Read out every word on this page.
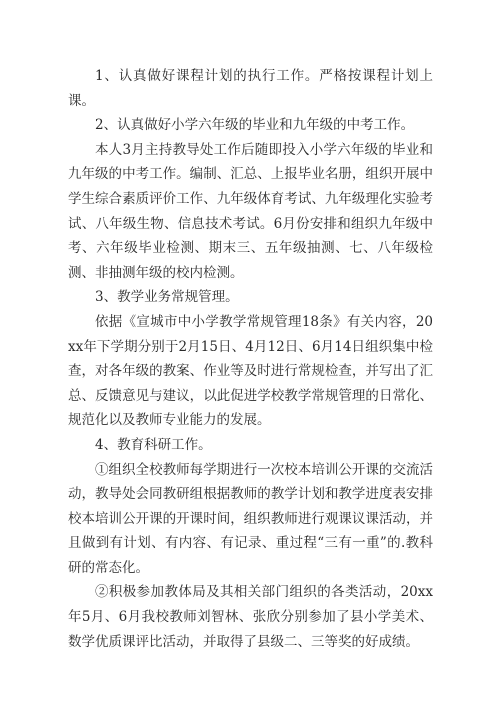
1、认真做好课程计划的执行工作。严格按课程计划上课。

2、认真做好小学六年级的毕业和九年级的中考工作。

本人3月主持教导处工作后随即投入小学六年级的毕业和九年级的中考工作。编制、汇总、上报毕业名册，组织开展中学生综合素质评价工作、九年级体育考试、九年级理化实验考试、八年级生物、信息技术考试。6月份安排和组织九年级中考、六年级毕业检测、期末三、五年级抽测、七、八年级检测、非抽测年级的校内检测。

3、教学业务常规管理。

依据《宣城市中小学教学常规管理18条》有关内容，20xx年下学期分别于2月15日、4月12日、6月14日组织集中检查，对各年级的教案、作业等及时进行常规检查，并写出了汇总、反馈意见与建议，以此促进学校教学常规管理的日常化、规范化以及教师专业能力的发展。

4、教育科研工作。

①组织全校教师每学期进行一次校本培训公开课的交流活动，教导处会同教研组根据教师的教学计划和教学进度表安排校本培训公开课的开课时间，组织教师进行观课议课活动，并且做到有计划、有内容、有记录、重过程“三有一重”的.教科研的常态化。

②积极参加教体局及其相关部门组织的各类活动，20xx年5月、6月我校教师刘智林、张欣分别参加了县小学美术、数学优质课评比活动，并取得了县级二、三等奖的好成绩。
